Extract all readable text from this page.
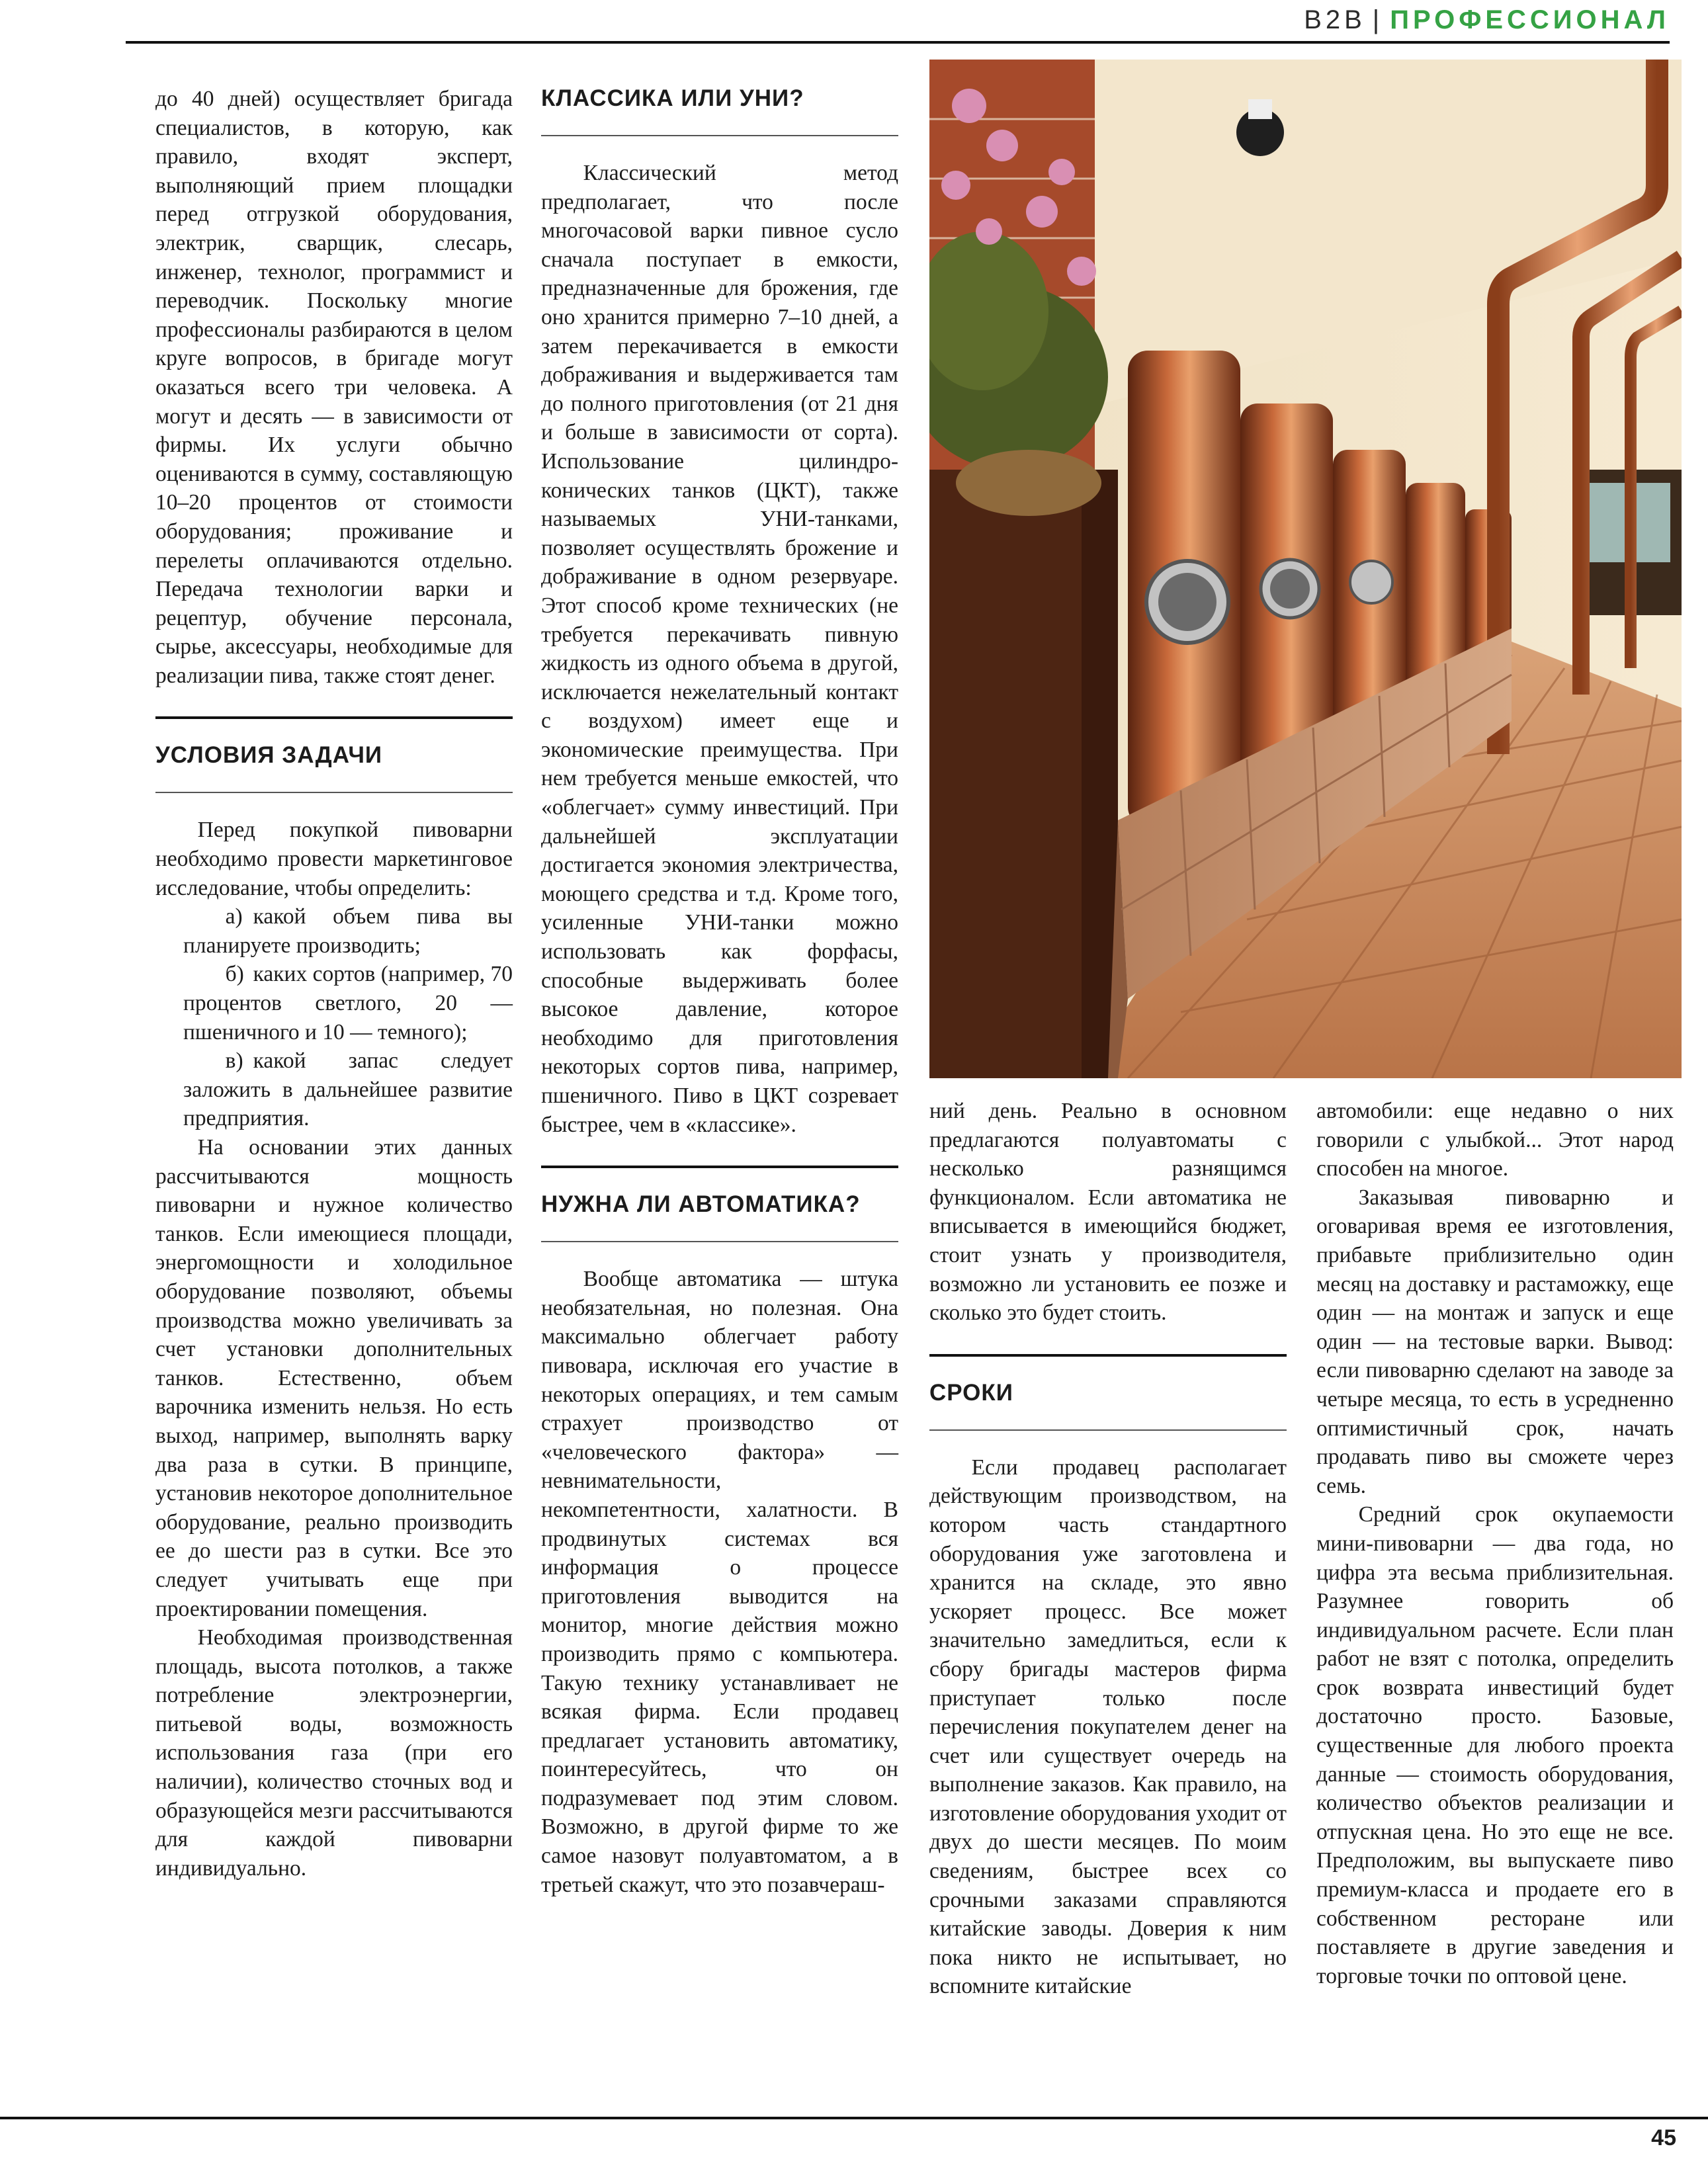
B2B | ПРОФЕССИОНАЛ

до 40 дней) осуществляет бригада специалистов, в которую, как правило, входят эксперт, выполняющий прием площадки перед отгрузкой оборудования, электрик, сварщик, слесарь, инженер, технолог, программист и переводчик. Поскольку многие профессионалы разбираются в целом круге вопросов, в бригаде могут оказаться всего три человека. А могут и десять — в зависимости от фирмы. Их услуги обычно оцениваются в сумму, составляющую 10–20 процентов от стоимости оборудования; проживание и перелеты оплачиваются отдельно. Передача технологии варки и рецептур, обучение персонала, сырье, аксессуары, необходимые для реализации пива, также стоят денег.

УСЛОВИЯ ЗАДАЧИ

Перед покупкой пивоварни необходимо провести маркетинговое исследование, чтобы определить:

а) какой объем пива вы планируете производить;

б) каких сортов (например, 70 процентов светлого, 20 — пшеничного и 10 — темного);

в) какой запас следует заложить в дальнейшее развитие предприятия.

На основании этих данных рассчитываются мощность пивоварни и нужное количество танков. Если имеющиеся площади, энергомощности и холодильное оборудование позволяют, объемы производства можно увеличивать за счет установки дополнительных танков. Естественно, объем варочника изменить нельзя. Но есть выход, например, выполнять варку два раза в сутки. В принципе, установив некоторое дополнительное оборудование, реально производить ее до шести раз в сутки. Все это следует учитывать еще при проектировании помещения.

Необходимая производственная площадь, высота потолков, а также потребление электроэнергии, питьевой воды, возможность использования газа (при его наличии), количество сточных вод и образующейся мезги рассчитываются для каждой пивоварни индивидуально.

КЛАССИКА ИЛИ УНИ?

Классический метод предполагает, что после многочасовой варки пивное сусло сначала поступает в емкости, предназначенные для брожения, где оно хранится примерно 7–10 дней, а затем перекачивается в емкости дображивания и выдерживается там до полного приготовления (от 21 дня и больше в зависимости от сорта). Использование цилиндро-конических танков (ЦКТ), также называемых УНИ-танками, позволяет осуществлять брожение и дображивание в одном резервуаре. Этот способ кроме технических (не требуется перекачивать пивную жидкость из одного объема в другой, исключается нежелательный контакт с воздухом) имеет еще и экономические преимущества. При нем требуется меньше емкостей, что «облегчает» сумму инвестиций. При дальнейшей эксплуатации достигается экономия электричества, моющего средства и т.д. Кроме того, усиленные УНИ-танки можно использовать как форфасы, способные выдерживать более высокое давление, которое необходимо для приготовления некоторых сортов пива, например, пшеничного. Пиво в ЦКТ созревает быстрее, чем в «классике».

НУЖНА ЛИ АВТОМАТИКА?

Вообще автоматика — штука необязательная, но полезная. Она максимально облегчает работу пивовара, исключая его участие в некоторых операциях, и тем самым страхует производство от «человеческого фактора» — невнимательности, некомпетентности, халатности. В продвинутых системах вся информация о процессе приготовления выводится на монитор, многие действия можно производить прямо с компьютера. Такую технику устанавливает не всякая фирма. Если продавец предлагает установить автоматику, поинтересуйтесь, что он подразумевает под этим словом. Возможно, в другой фирме то же самое назовут полуавтоматом, а в третьей скажут, что это позавчераш-

ний день. Реально в основном предлагаются полуавтоматы с несколько разнящимся функционалом. Если автоматика не вписывается в имеющийся бюджет, стоит узнать у производителя, возможно ли установить ее позже и сколько это будет стоить.

СРОКИ

Если продавец располагает действующим производством, на котором часть стандартного оборудования уже заготовлена и хранится на складе, это явно ускоряет процесс. Все может значительно замедлиться, если к сбору бригады мастеров фирма приступает только после перечисления покупателем денег на счет или существует очередь на выполнение заказов. Как правило, на изготовление оборудования уходит от двух до шести месяцев. По моим сведениям, быстрее всех со срочными заказами справляются китайские заводы. Доверия к ним пока никто не испытывает, но вспомните китайские

автомобили: еще недавно о них говорили с улыбкой... Этот народ способен на многое.

Заказывая пивоварню и оговаривая время ее изготовления, прибавьте приблизительно один месяц на доставку и растаможку, еще один — на монтаж и запуск и еще один — на тестовые варки. Вывод: если пивоварню сделают на заводе за четыре месяца, то есть в усредненно оптимистичный срок, начать продавать пиво вы сможете через семь.

Средний срок окупаемости мини-пивоварни — два года, но цифра эта весьма приблизительная. Разумнее говорить об индивидуальном расчете. Если план работ не взят с потолка, определить срок возврата инвестиций будет достаточно просто. Базовые, существенные для любого проекта данные — стоимость оборудования, количество объектов реализации и отпускная цена. Но это еще не все. Предположим, вы выпускаете пиво премиум-класса и продаете его в собственном ресторане или поставляете в другие заведения и торговые точки по оптовой цене.

45
